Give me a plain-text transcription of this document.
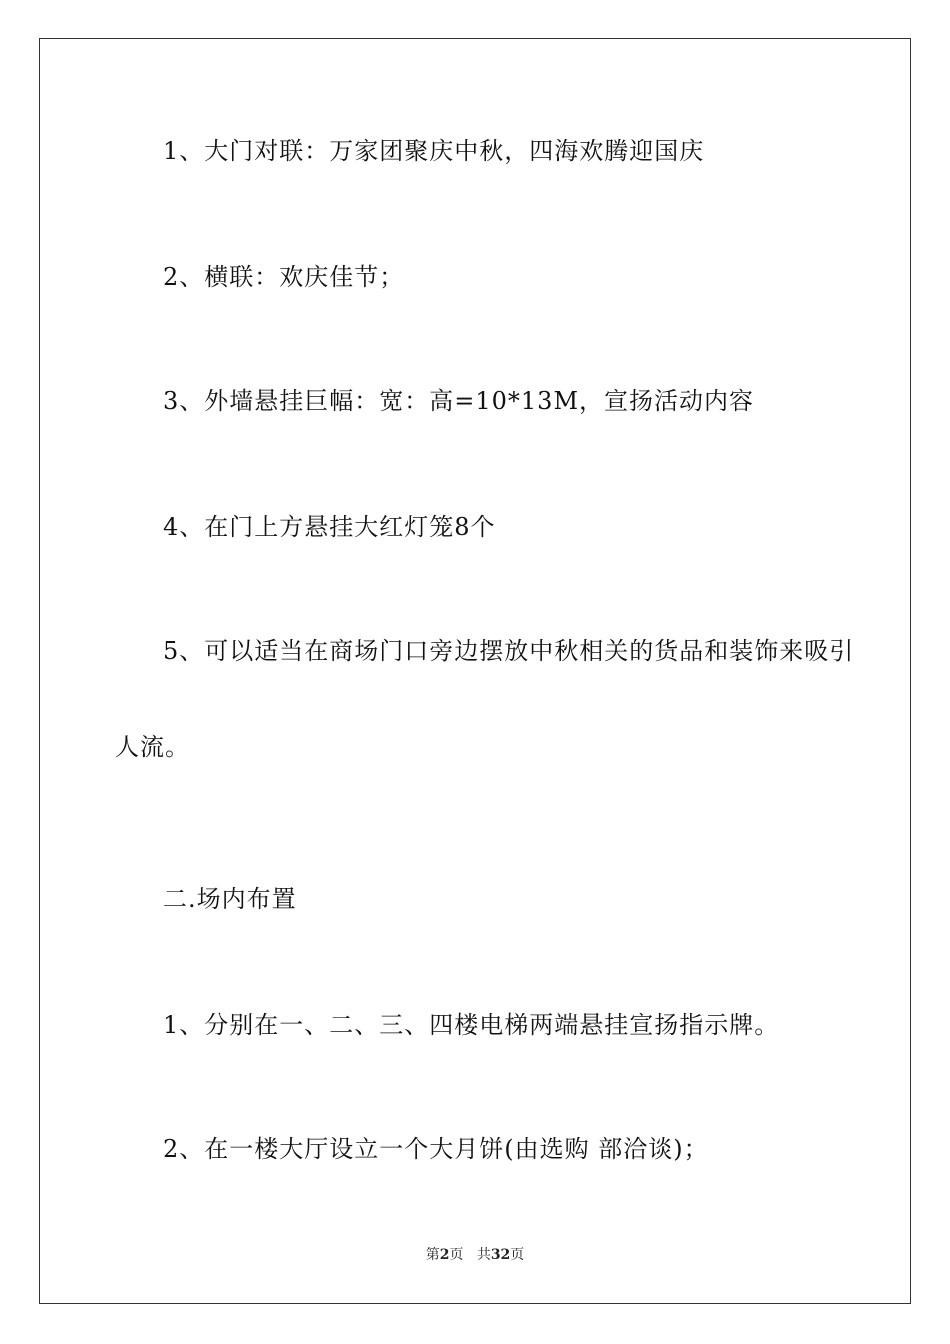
1、大门对联：万家团聚庆中秋，四海欢腾迎国庆
2、横联：欢庆佳节；
3、外墙悬挂巨幅：宽：高=10*13M，宣扬活动内容
4、在门上方悬挂大红灯笼8个
5、可以适当在商场门口旁边摆放中秋相关的货品和装饰来吸引
人流。
二.场内布置
1、分别在一、二、三、四楼电梯两端悬挂宣扬指示牌。
2、在一楼大厅设立一个大月饼(由选购 部洽谈)；
第2页 共32页
